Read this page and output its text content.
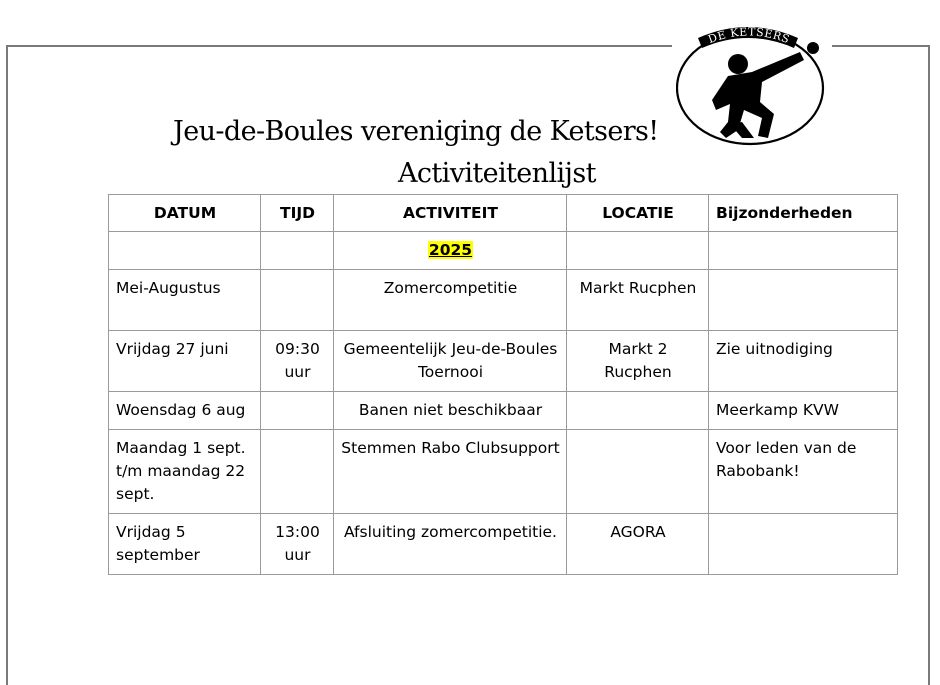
DE KETSERS
Jeu-de-Boules vereniging de Ketsers!
Activiteitenlijst
DATUM	TIJD	ACTIVITEIT	LOCATIE	Bijzonderheden
		2025		
Mei-Augustus		Zomercompetitie	Markt Rucphen	
Vrijdag 27 juni	09:30 uur	Gemeentelijk Jeu-de-Boules Toernooi	Markt 2 Rucphen	Zie uitnodiging
Woensdag 6 aug		Banen niet beschikbaar		Meerkamp KVW
Maandag 1 sept. t/m maandag 22 sept.		Stemmen Rabo Clubsupport		Voor leden van de Rabobank!
Vrijdag 5 september	13:00 uur	Afsluiting zomercompetitie.	AGORA	
